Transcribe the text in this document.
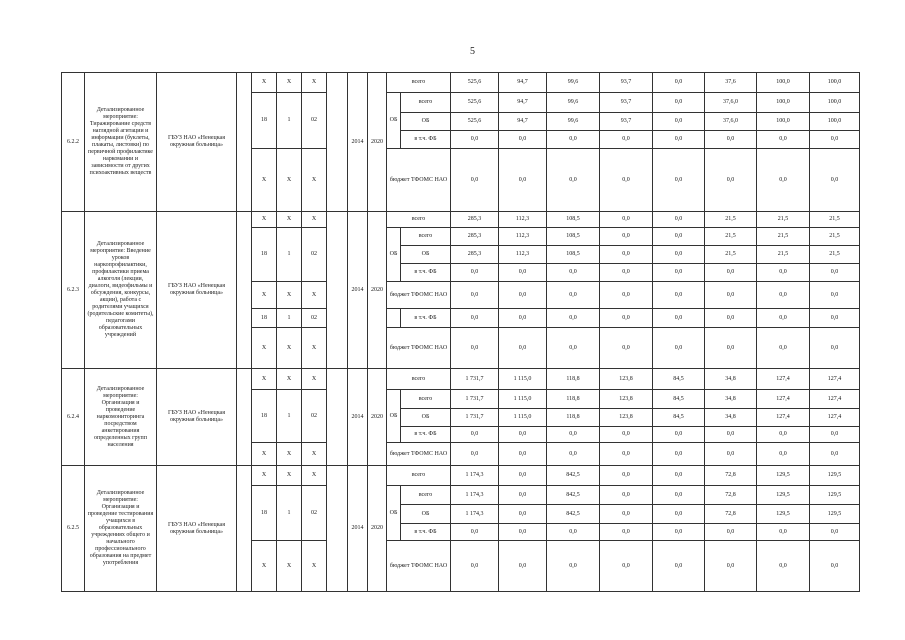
5
6.2.2	Детализированное мероприятие: Тиражирование средств наглядной агитации и информации (буклеты, плакаты, листовки) по первичной профилактике наркомании и зависимости от других психоактивных веществ	ГБУЗ НАО «Ненецкая окружная больница»		Х	Х	Х		2014	2020	всего		525,6	94,7	99,6	93,7	0,0	37,6	100,0	100,0
				18	1	02				ОБ	всего	525,6	94,7	99,6	93,7	0,0	37,6,0	100,0	100,0
											ОБ	525,6	94,7	99,6	93,7	0,0	37,6,0	100,0	100,0
											в т.ч. ФБ	0,0	0,0	0,0	0,0	0,0	0,0	0,0	0,0
				Х	Х	Х				бюджет ТФОМС НАО		0,0	0,0	0,0	0,0	0,0	0,0	0,0	0,0
6.2.3	Детализированное мероприятие: Введение уроков наркопрофилактики, профилактики приема алкоголя (лекции, диалоги, видеофильмы и обсуждения, конкурсы, акции), работа с родителями учащихся (родительские комитеты), педагогами образовательных учреждений	ГБУЗ НАО «Ненецкая окружная больница»		Х	Х	Х		2014	2020	всего		285,3	112,3	108,5	0,0	0,0	21,5	21,5	21,5
				18	1	02				ОБ	всего	285,3	112,3	108,5	0,0	0,0	21,5	21,5	21,5
											ОБ	285,3	112,3	108,5	0,0	0,0	21,5	21,5	21,5
											в т.ч. ФБ	0,0	0,0	0,0	0,0	0,0	0,0	0,0	0,0
				Х	Х	Х				бюджет ТФОМС НАО		0,0	0,0	0,0	0,0	0,0	0,0	0,0	0,0
				18	1	02					в т.ч. ФБ	0,0	0,0	0,0	0,0	0,0	0,0	0,0	0,0
				Х	Х	Х				бюджет ТФОМС НАО		0,0	0,0	0,0	0,0	0,0	0,0	0,0	0,0
6.2.4	Детализированное мероприятие: Организация и проведение наркомониторинга посредством анкетирования определенных групп населения	ГБУЗ НАО «Ненецкая окружная больница»		Х	Х	Х		2014	2020	всего		1 731,7	1 115,0	118,8	123,8	84,5	34,8	127,4	127,4
				18	1	02				ОБ	всего	1 731,7	1 115,0	118,8	123,8	84,5	34,8	127,4	127,4
											ОБ	1 731,7	1 115,0	118,8	123,8	84,5	34,8	127,4	127,4
											в т.ч. ФБ	0,0	0,0	0,0	0,0	0,0	0,0	0,0	0,0
				Х	Х	Х				бюджет ТФОМС НАО		0,0	0,0	0,0	0,0	0,0	0,0	0,0	0,0
6.2.5	Детализированное мероприятие: Организация и проведение тестирования учащихся в образовательных учреждениях общего и начального профессионального образования на предмет употребления	ГБУЗ НАО «Ненецкая окружная больница»		Х	Х	Х		2014	2020	всего		1 174,3	0,0	842,5	0,0	0,0	72,8	129,5	129,5
				18	1	02				ОБ	всего	1 174,3	0,0	842,5	0,0	0,0	72,8	129,5	129,5
											ОБ	1 174,3	0,0	842,5	0,0	0,0	72,8	129,5	129,5
											в т.ч. ФБ	0,0	0,0	0,0	0,0	0,0	0,0	0,0	0,0
				Х	Х	Х				бюджет ТФОМС НАО		0,0	0,0	0,0	0,0	0,0	0,0	0,0	0,0
